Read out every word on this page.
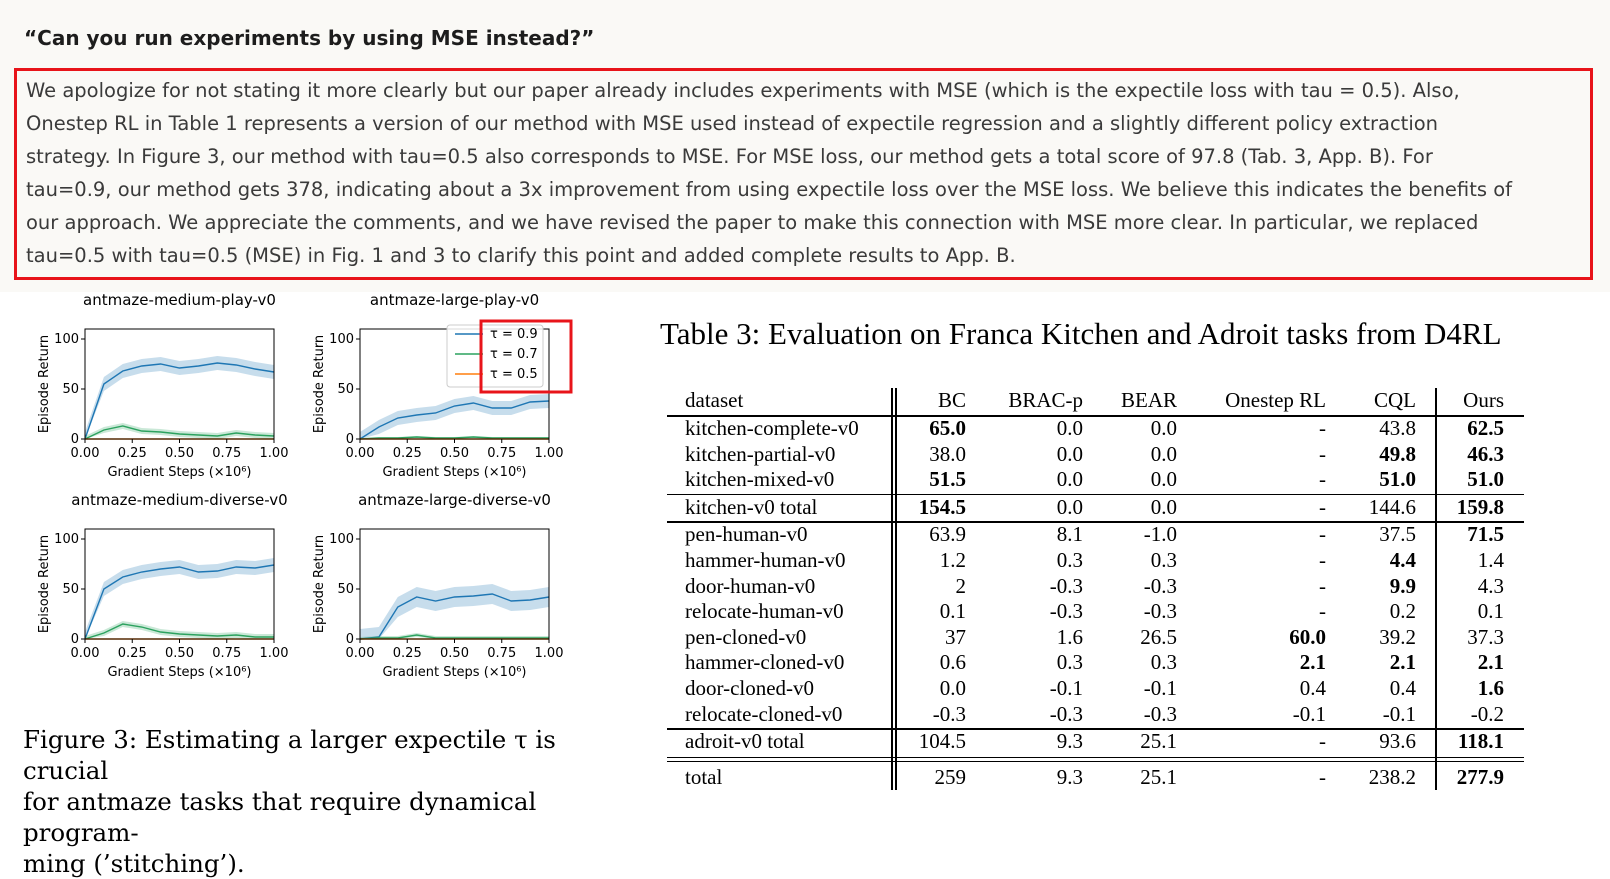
“Can you run experiments by using MSE instead?”
We apologize for not stating it more clearly but our paper already includes experiments with MSE (which is the expectile loss with tau = 0.5). Also,
Onestep RL in Table 1 represents a version of our method with MSE used instead of expectile regression and a slightly different policy extraction
strategy. In Figure 3, our method with tau=0.5 also corresponds to MSE. For MSE loss, our method gets a total score of 97.8 (Tab. 3, App. B). For
tau=0.9, our method gets 378, indicating about a 3x improvement from using expectile loss over the MSE loss. We believe this indicates the benefits of
our approach. We appreciate the comments, and we have revised the paper to make this connection with MSE more clear. In particular, we replaced
tau=0.5 with tau=0.5 (MSE) in Fig. 1 and 3 to clarify this point and added complete results to App. B.
antmaze-medium-play-v0
0.00 0.25 0.50 0.75 1.00
0
50
100
Gradient Steps (×10⁶)
Episode Return
antmaze-large-play-v0
0.00 0.25 0.50 0.75 1.00
0
50
100
Gradient Steps (×10⁶)
Episode Return
antmaze-medium-diverse-v0
0.00 0.25 0.50 0.75 1.00
0
50
100
Gradient Steps (×10⁶)
Episode Return
antmaze-large-diverse-v0
0.00 0.25 0.50 0.75 1.00
0
50
100
Gradient Steps (×10⁶)
Episode Return
τ = 0.9
τ = 0.7
τ = 0.5
Figure 3: Estimating a larger expectile τ is crucial
for antmaze tasks that require dynamical program-
ming (’stitching’).
Table 3: Evaluation on Franca Kitchen and Adroit tasks from D4RL
dataset	BC BRAC-p BEAR Onestep RL CQL Ours
kitchen-complete-v0	65.0	0.0	0.0	-	43.8 62.5
kitchen-partial-v0	38.0	0.0	0.0	-	49.8 46.3
kitchen-mixed-v0	51.5	0.0	0.0	-	51.0 51.0
kitchen-v0 total	154.5	0.0	0.0	- 144.6 159.8
pen-human-v0	63.9	8.1	-1.0	-	37.5 71.5
hammer-human-v0	1.2	0.3	0.3	-	4.4	1.4
door-human-v0	2	-0.3	-0.3	-	9.9	4.3
relocate-human-v0	0.1	-0.3	-0.3	-	0.2	0.1
pen-cloned-v0	37	1.6	26.5	60.0	39.2 37.3
hammer-cloned-v0	0.6	0.3	0.3	2.1	2.1	2.1
door-cloned-v0	0.0	-0.1	-0.1	0.4	0.4	1.6
relocate-cloned-v0	-0.3	-0.3	-0.3	-0.1	-0.1	-0.2
adroit-v0 total	104.5	9.3	25.1	-	93.6 118.1
total	259	9.3	25.1	- 238.2 277.9
